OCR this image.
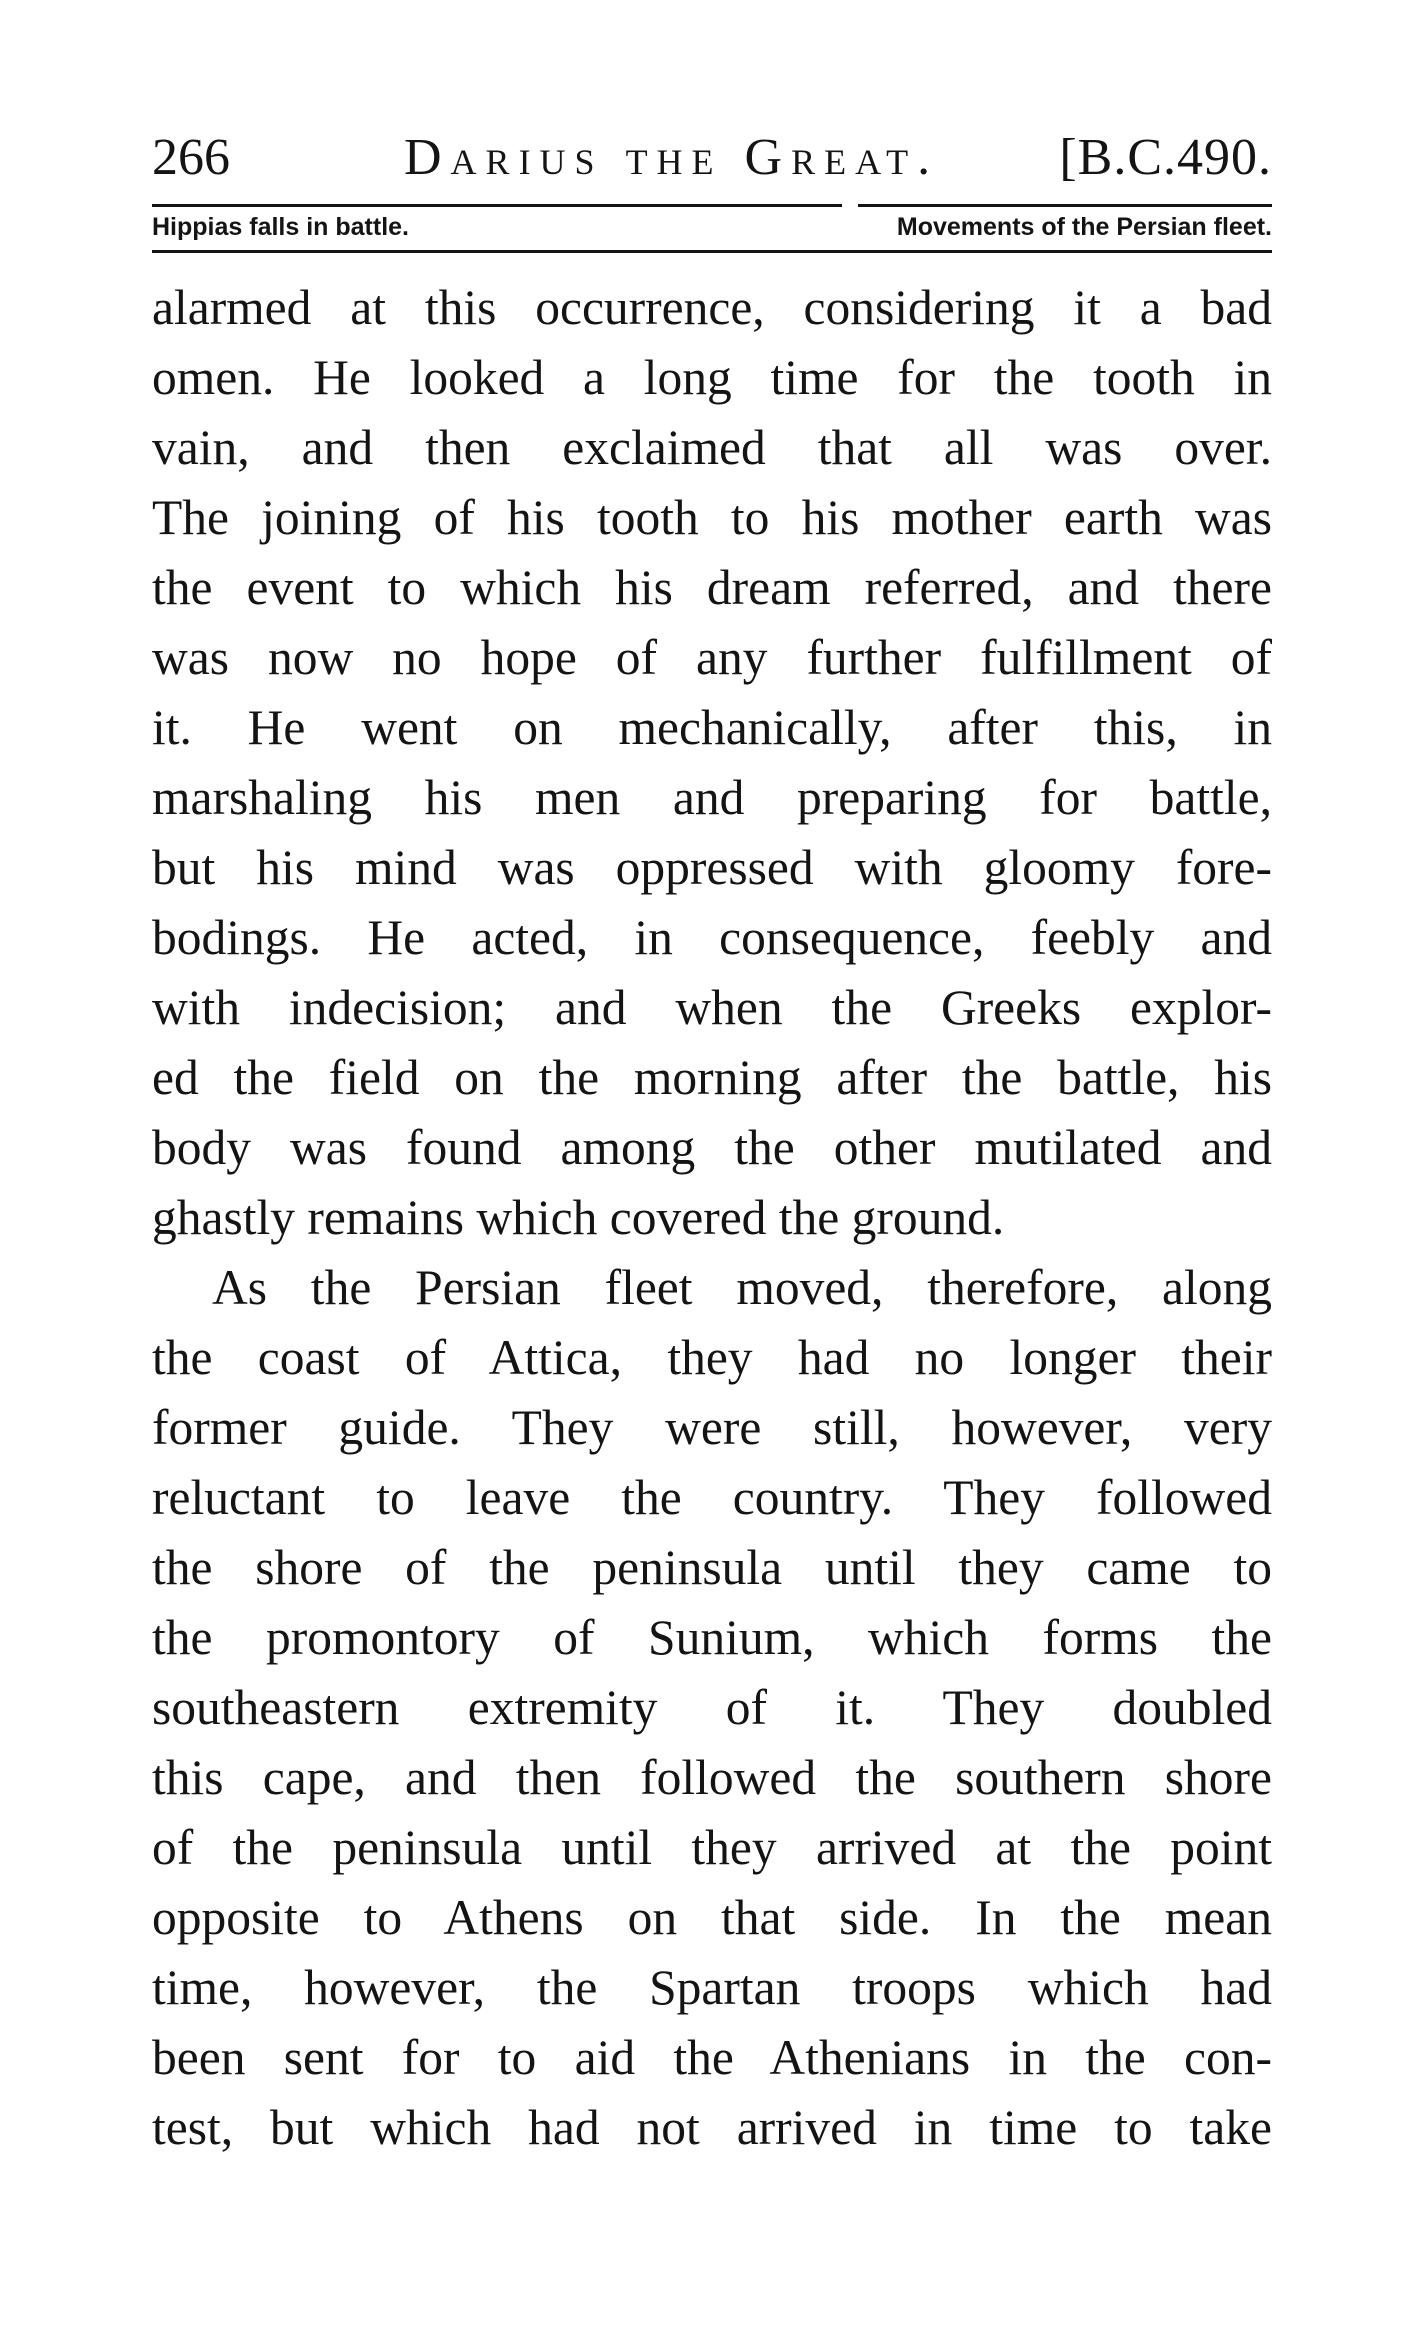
266	Darius the Great. [B.C.490.
Hippias falls in battle.	Movements of the Persian fleet.

alarmed at this occurrence, considering it a bad

omen. He looked a long time for the tooth in

vain, and then exclaimed that all was over.

The joining of his tooth to his mother earth was

the event to which his dream referred, and there

was now no hope of any further fulfillment of

it. He went on mechanically, after this, in

marshaling his men and preparing for battle,

but his mind was oppressed with gloomy fore-

bodings. He acted, in consequence, feebly and

with indecision; and when the Greeks explor-

ed the field on the morning after the battle, his

body was found among the other mutilated and

ghastly remains which covered the ground.

As the Persian fleet moved, therefore, along

the coast of Attica, they had no longer their

former guide. They were still, however, very

reluctant to leave the country. They followed

the shore of the peninsula until they came to

the promontory of Sunium, which forms the

southeastern extremity of it. They doubled

this cape, and then followed the southern shore

of the peninsula until they arrived at the point

opposite to Athens on that side. In the mean

time, however, the Spartan troops which had

been sent for to aid the Athenians in the con-

test, but which had not arrived in time to take
